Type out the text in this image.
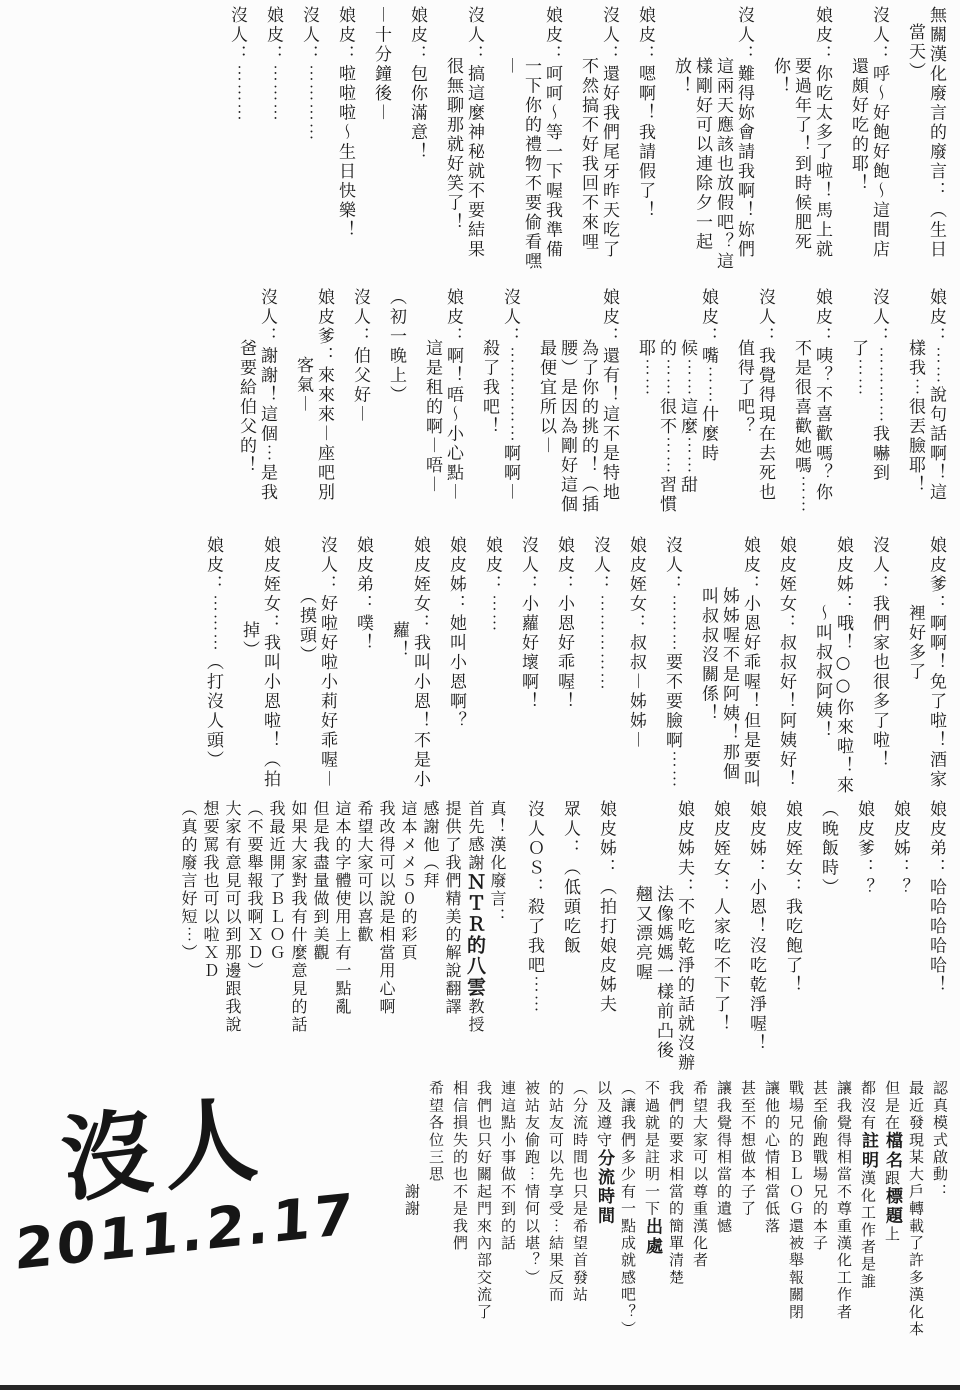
無關漢化廢言的廢言：（生日當天）
沒人：呼～好飽好飽～這間店還頗好吃的耶！
娘皮：你吃太多了啦！馬上就要過年了！到時候肥死你！
沒人：難得妳會請我啊！妳們這兩天應該也放假吧？這樣剛好可以連除夕一起放！
娘皮：嗯啊！我請假了！
沒人：還好我們尾牙昨天吃了不然搞不好我回不來哩
娘皮：呵呵～等一下喔我準備一下你的禮物不要偷看嘿︱
沒人：搞這麼神秘就不要結果很無聊那就好笑了！
娘皮：包你滿意！
︱十分鐘後︱
娘皮：啦啦啦～生日快樂！
沒人：︙︙︙︙
娘皮：︙︙︙
沒人：︙︙︙
娘皮：︙︙說句話啊！這樣我︙很丟臉耶！
沒人：︙︙︙︙我嚇到了︙︙
娘皮：咦？不喜歡嗎？你不是很喜歡她嗎︙︙
沒人：我覺得現在去死也值得了吧？
娘皮：嘴︙︙什麼時候︙︙這麼︙︙甜的︙︙很不︙︙習慣耶︙︙
娘皮：還有！這不是特地為了你的挑的！（插腰）是因為剛好這個最便宜所以︱
沒人：︙︙︙︙︙啊啊︱殺了我吧！
娘皮：啊！唔～小心點︱這是租的啊︱唔︱
（初一晚上）
沒人：伯父好︱
娘皮爹：來來來︱座吧別客氣︱
沒人：謝謝！這個︙是我爸要給伯父的！
娘皮爹：啊啊！免了啦！酒家裡好多了
沒人：我們家也很多了啦！
娘皮姊：哦！○○你來啦！來～叫叔叔阿姨！
娘皮姪女：叔叔好！阿姨好！
娘皮：小恩好乖喔！但是要叫姊姊喔不是阿姨！那個叫叔叔沒關係！
沒人：︙︙︙要不要臉啊︙︙
娘皮姪女：叔叔︱姊姊︱
沒人：︙︙︙︙︙
娘皮：小恩好乖喔！
沒人：小蘿好壞啊！
娘皮：︙︙
娘皮姊：她叫小恩啊？
娘皮姪女：我叫小恩！不是小蘿！
娘皮弟：噗！
沒人：好啦好啦小莉好乖喔︱（摸頭）
娘皮姪女：我叫小恩啦！（拍掉）
娘皮：︙︙︙（打沒人頭）
娘皮弟：哈哈哈哈哈！
娘皮姊：？
娘皮爹：？
（晚飯時）
娘皮姪女：我吃飽了！
娘皮姊：小恩！沒吃乾淨喔！
娘皮姪女：人家吃不下了！
娘皮姊夫：不吃乾淨的話就沒辦法像媽媽一樣前凸後翹又漂亮喔
娘皮姊：（拍打娘皮姊夫
眾人：（低頭吃飯
沒人ＯＳ：殺了我吧︙︙
真！漢化廢言：
首先感謝ＮＴＲ的八雲教授
提供了我們精美的解說翻譯
感謝他（拜
這本メメ５０的彩頁
我改得可以說是相當用心啊
希望大家可以喜歡
這本的字體使用上有一點亂
但是我盡量做到美觀
如果大家對我有什麼意見的話
我最近開了ＢＬＯＧ
（不要舉報我啊ＸＤ）
大家有意見可以到那邊跟我說
想要罵我也可以啦ＸＤ
（真的廢言好短︙）
認真模式啟動：
最近發現某大戶轉載了許多漢化本
但是在檔名跟標題上
都沒有註明漢化工作者是誰
讓我覺得相當不尊重漢化工作者
甚至偷跑戰場兄的本子
戰場兄的ＢＬＯＧ還被舉報關閉
讓他的心情相當低落
甚至不想做本子了
讓我覺得相當的遺憾
希望大家可以尊重漢化者
我們的要求相當的簡單清楚
不過就是註明一下出處
（讓我們多少有一點成就感吧？）
以及遵守分流時間
（分流時間也只是希望首發站
的站友可以先享受︙結果反而
被站友偷跑︙情何以堪？）
連這點小事做不到的話
我們也只好關起門來內部交流了
相信損失的也不是我們
希望各位三思
　　　　　　謝謝
沒人
2011.2.17
